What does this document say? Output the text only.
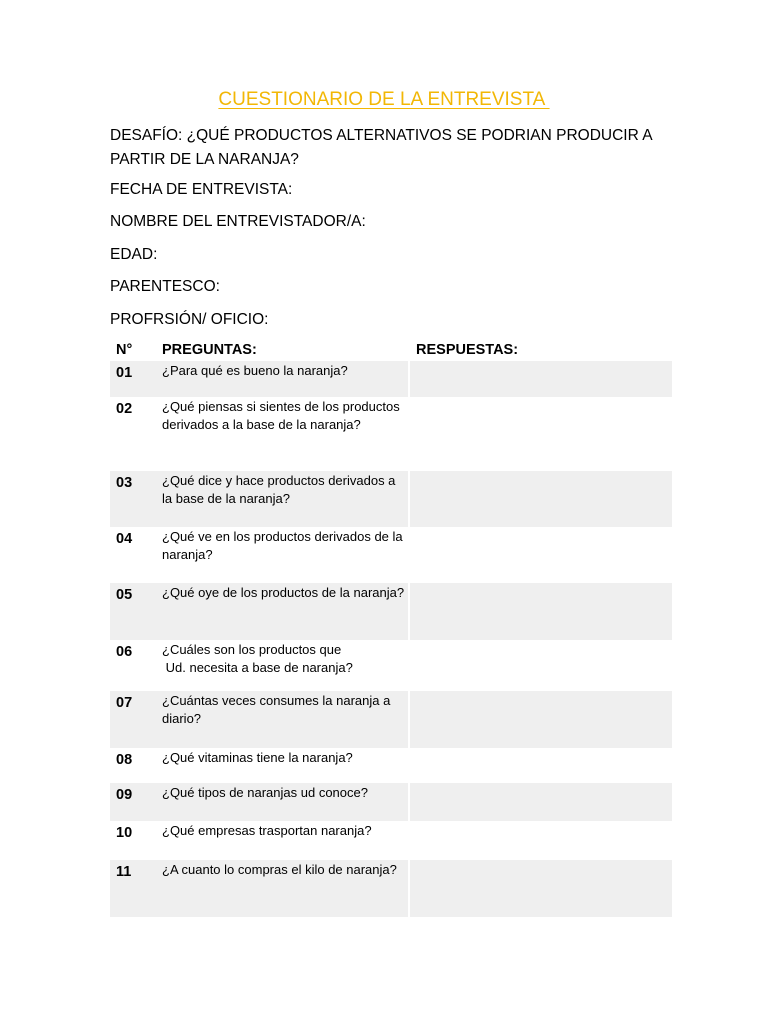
CUESTIONARIO DE LA ENTREVISTA
DESAFÍO: ¿QUÉ PRODUCTOS ALTERNATIVOS SE PODRIAN PRODUCIR A PARTIR DE LA NARANJA?
FECHA DE ENTREVISTA:
NOMBRE DEL ENTREVISTADOR/A:
EDAD:
PARENTESCO:
PROFRSIÓN/ OFICIO:
N°	PREGUNTAS:	RESPUESTAS:
01	¿Para qué es bueno la naranja?
02	¿Qué piensas si sientes de los productos derivados a la base de la naranja?
03	¿Qué dice y hace productos derivados a la base de la naranja?
04	¿Qué ve en los productos derivados de la  naranja?
05	¿Qué oye de los productos de la naranja?
06	¿Cuáles son los productos que
Ud. necesita a base de naranja?
07	¿Cuántas veces consumes la naranja a diario?
08	¿Qué vitaminas tiene la naranja?
09	¿Qué tipos de naranjas ud conoce?
10	¿Qué empresas trasportan naranja?
11	¿A cuanto lo compras el kilo de naranja?
